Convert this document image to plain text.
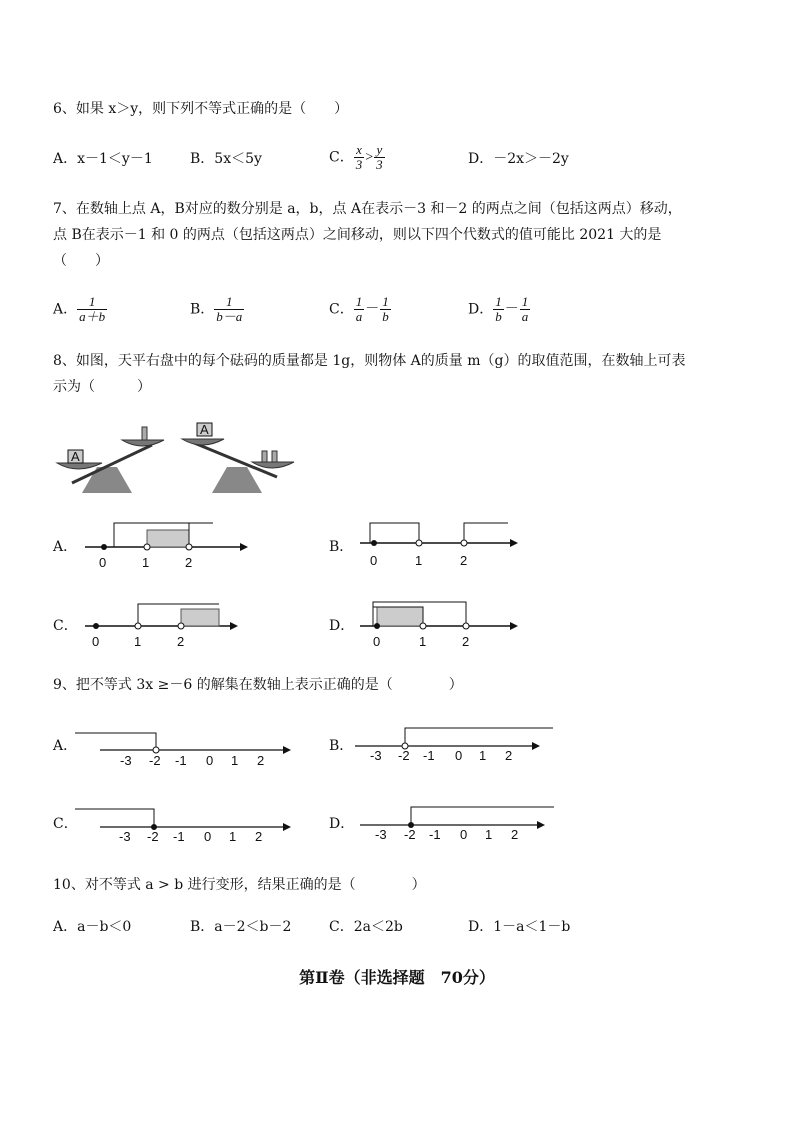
6、如果 x＞y，则下列不等式正确的是（　　）
A．x－1＜y－1	B．5x＜5y	C． $\frac{x}{3} > \frac{y}{3}$	D．－2x＞－2y
7、在数轴上点 A，B对应的数分别是 a，b，点 A在表示－3 和－2 的两点之间（包括这两点）移动，
点 B在表示－1 和 0 的两点（包括这两点）之间移动，则以下四个代数式的值可能比 2021 大的是
（　　）
A． $\frac{1}{a+b}$	B． $\frac{1}{b-a}$	C． $\frac{1}{a} - \frac{1}{b}$	D． $\frac{1}{b} - \frac{1}{a}$
8、如图，天平右盘中的每个砝码的质量都是 1g，则物体 A的质量 m（g）的取值范围，在数轴上可表
示为（　　　）
A
A
A．	B．
C．	D．
0	1	2	0	1	2
0	1	2	0	1	2
9、把不等式 3x ≥－6 的解集在数轴上表示正确的是（　　　　）
A．	B．
C．	D．
-3 -2 -1 0 1 2	-3 -2 -1 0 1 2
-3 -2 -1 0 1 2	-3 -2 -1 0 1 2
10、对不等式 a > b 进行变形，结果正确的是（　　　　）
A．a－b＜0	B．a－2＜b－2	C．2a＜2b	D．1－a＜1－b
第Ⅱ卷（非选择题　70分）
